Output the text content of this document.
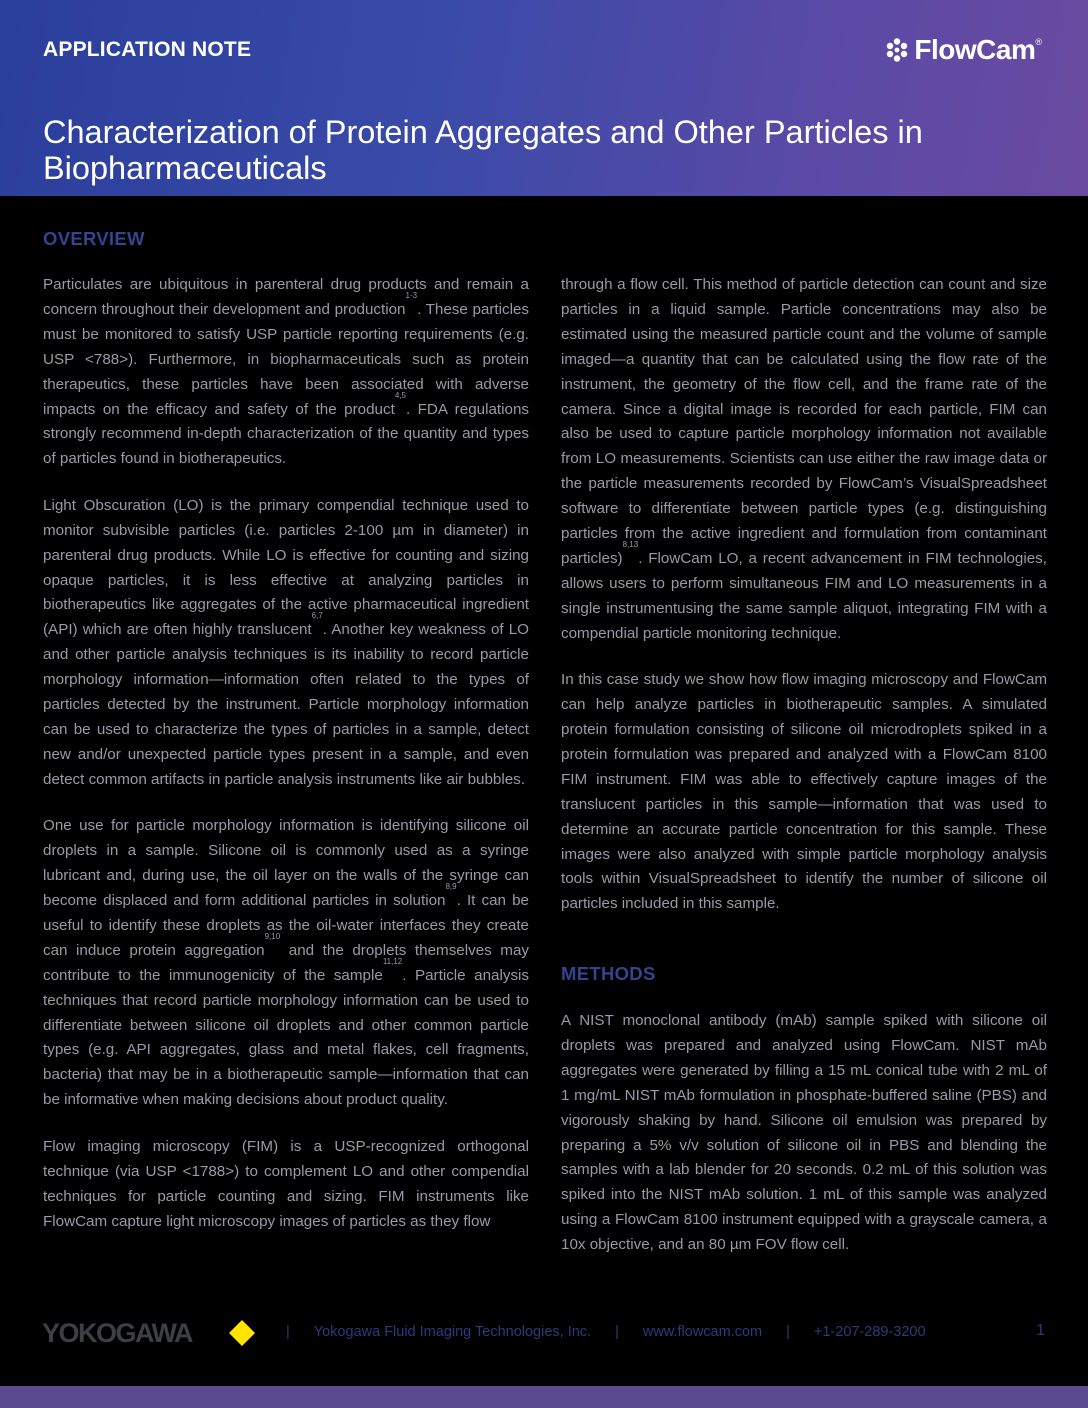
APPLICATION NOTE	FlowCam ®
Characterization of Protein Aggregates and Other Particles in Biopharmaceuticals
OVERVIEW

Particulates are ubiquitous in parenteral drug products and remain a concern throughout their development and production$^{1-3}$. These particles must be monitored to satisfy USP particle reporting requirements (e.g. USP <788>). Furthermore, in biopharmaceuticals such as protein therapeutics, these particles have been associated with adverse impacts on the efficacy and safety of the product$^{4,5}$. FDA regulations strongly recommend in-depth characterization of the quantity and types of particles found in biotherapeutics.

Light Obscuration (LO) is the primary compendial technique used to monitor subvisible particles (i.e. particles 2-100 µm in diameter) in parenteral drug products. While LO is effective for counting and sizing opaque particles, it is less effective at analyzing particles in biotherapeutics like aggregates of the active pharmaceutical ingredient (API) which are often highly translucent$^{6,7}$. Another key weakness of LO and other particle analysis techniques is its inability to record particle morphology information—information often related to the types of particles detected by the instrument. Particle morphology information can be used to characterize the types of particles in a sample, detect new and/or unexpected particle types present in a sample, and even detect common artifacts in particle analysis instruments like air bubbles.

One use for particle morphology information is identifying silicone oil droplets in a sample. Silicone oil is commonly used as a syringe lubricant and, during use, the oil layer on the walls of the syringe can become displaced and form additional particles in solution$^{8,9}$. It can be useful to identify these droplets as the oil-water interfaces they create can induce protein aggregation$^{9,10}$ and the droplets themselves may contribute to the immunogenicity of the sample$^{11,12}$. Particle analysis techniques that record particle morphology information can be used to differentiate between silicone oil droplets and other common particle types (e.g. API aggregates, glass and metal flakes, cell fragments, bacteria) that may be in a biotherapeutic sample—information that can be informative when making decisions about product quality.

Flow imaging microscopy (FIM) is a USP-recognized orthogonal technique (via USP <1788>) to complement LO and other compendial techniques for particle counting and sizing. FIM instruments like FlowCam capture light microscopy images of particles as they flow

through a flow cell. This method of particle detection can count and size particles in a liquid sample. Particle concentrations may also be estimated using the measured particle count and the volume of sample imaged—a quantity that can be calculated using the flow rate of the instrument, the geometry of the flow cell, and the frame rate of the camera. Since a digital image is recorded for each particle, FIM can also be used to capture particle morphology information not available from LO measurements. Scientists can use either the raw image data or the particle measurements recorded by FlowCam’s VisualSpreadsheet software to differentiate between particle types (e.g. distinguishing particles from the active ingredient and formulation from contaminant particles)$^{8,13}$. FlowCam LO, a recent advancement in FIM technologies, allows users to perform simultaneous FIM and LO measurements in a single instrumentusing the same sample aliquot, integrating FIM with a compendial particle monitoring technique.

In this case study we show how flow imaging microscopy and FlowCam can help analyze particles in biotherapeutic samples. A simulated protein formulation consisting of silicone oil microdroplets spiked in a protein formulation was prepared and analyzed with a FlowCam 8100 FIM instrument. FIM was able to effectively capture images of the translucent particles in this sample—information that was used to determine an accurate particle concentration for this sample. These images were also analyzed with simple particle morphology analysis tools within VisualSpreadsheet to identify the number of silicone oil particles included in this sample.

METHODS

A NIST monoclonal antibody (mAb) sample spiked with silicone oil droplets was prepared and analyzed using FlowCam. NIST mAb aggregates were generated by filling a 15 mL conical tube with 2 mL of 1 mg/mL NIST mAb formulation in phosphate-buffered saline (PBS) and vigorously shaking by hand. Silicone oil emulsion was prepared by preparing a 5% v/v solution of silicone oil in PBS and blending the samples with a lab blender for 20 seconds. 0.2 mL of this solution was spiked into the NIST mAb solution. 1 mL of this sample was analyzed using a FlowCam 8100 instrument equipped with a grayscale camera, a 10x objective, and an 80 µm FOV flow cell.

YOKOGAWA	| Yokogawa Fluid Imaging Technologies, Inc. | www.flowcam.com | +1-207-289-3200	1
